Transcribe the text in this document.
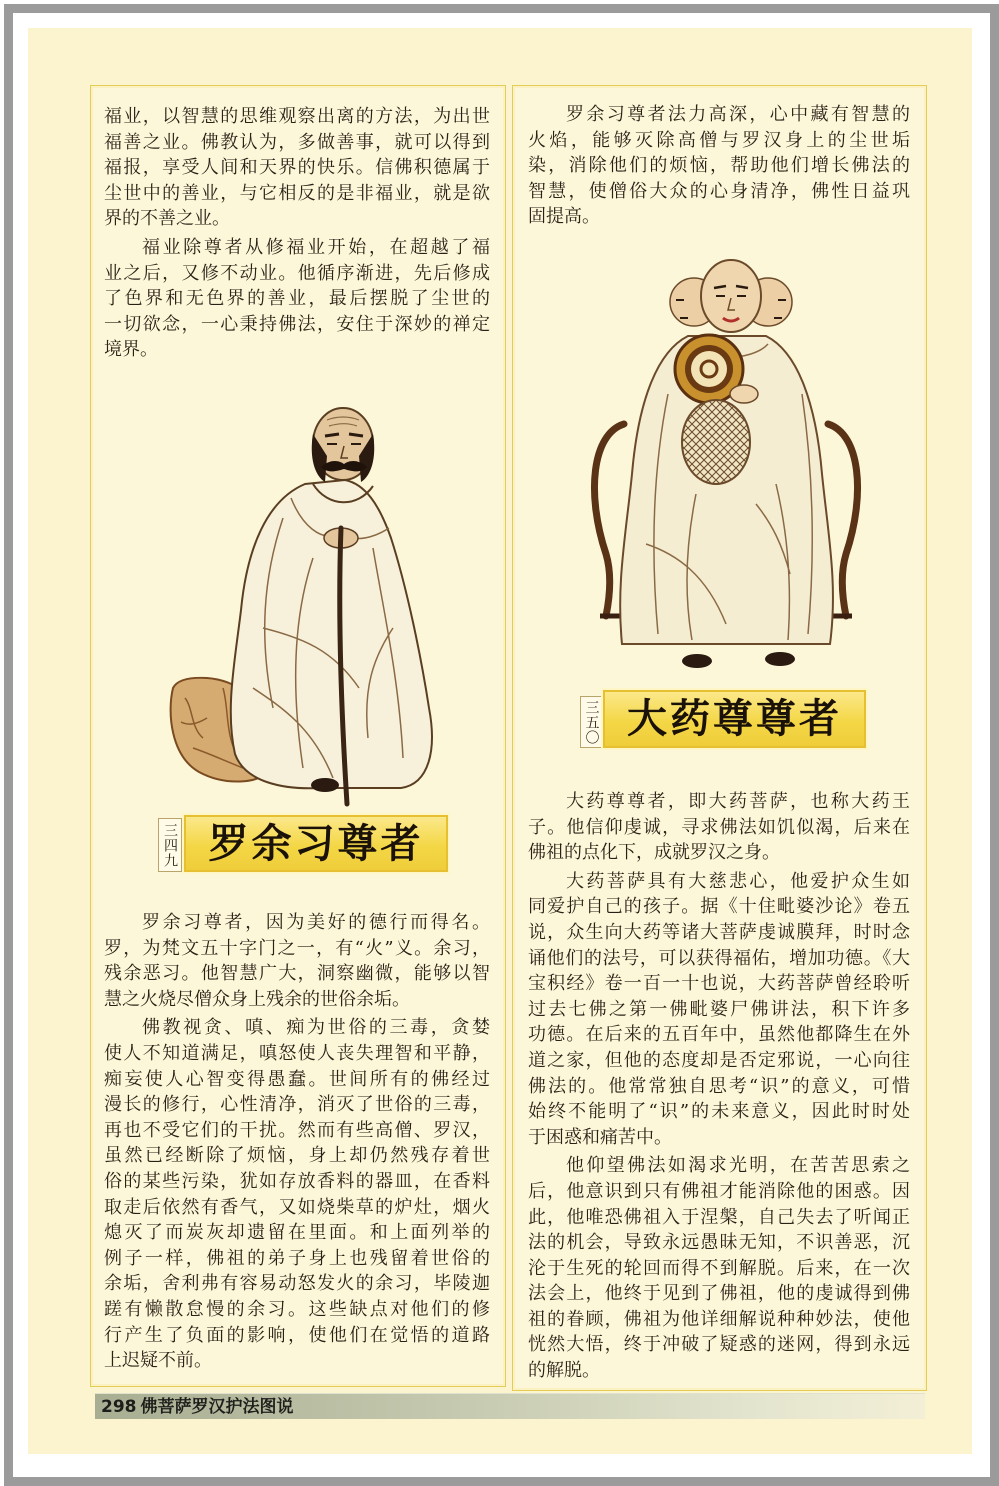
福业，以智慧的思维观察出离的方法，为出世
福善之业。佛教认为，多做善事，就可以得到
福报，享受人间和天界的快乐。信佛积德属于
尘世中的善业，与它相反的是非福业，就是欲
界的不善之业。
福业除尊者从修福业开始，在超越了福
业之后，又修不动业。他循序渐进，先后修成
了色界和无色界的善业，最后摆脱了尘世的
一切欲念，一心秉持佛法，安住于深妙的禅定
境界。
三四九 罗余习尊者
罗余习尊者，因为美好的德行而得名。
罗，为梵文五十字门之一，有“火”义。余习，
残余恶习。他智慧广大，洞察幽微，能够以智
慧之火烧尽僧众身上残余的世俗余垢。
佛教视贪、嗔、痴为世俗的三毒，贪婪
使人不知道满足，嗔怒使人丧失理智和平静，
痴妄使人心智变得愚蠢。世间所有的佛经过
漫长的修行，心性清净，消灭了世俗的三毒，
再也不受它们的干扰。然而有些高僧、罗汉，
虽然已经断除了烦恼，身上却仍然残存着世
俗的某些污染，犹如存放香料的器皿，在香料
取走后依然有香气，又如烧柴草的炉灶，烟火
熄灭了而炭灰却遗留在里面。和上面列举的
例子一样，佛祖的弟子身上也残留着世俗的
余垢，舍利弗有容易动怒发火的余习，毕陵迦
蹉有懒散怠慢的余习。这些缺点对他们的修
行产生了负面的影响，使他们在觉悟的道路
上迟疑不前。
罗余习尊者法力高深，心中藏有智慧的
火焰，能够灭除高僧与罗汉身上的尘世垢
染，消除他们的烦恼，帮助他们增长佛法的
智慧，使僧俗大众的心身清净，佛性日益巩
固提高。
三五〇 大药尊尊者
大药尊尊者，即大药菩萨，也称大药王
子。他信仰虔诚，寻求佛法如饥似渴，后来在
佛祖的点化下，成就罗汉之身。
大药菩萨具有大慈悲心，他爱护众生如
同爱护自己的孩子。据《十住毗婆沙论》卷五
说，众生向大药等诸大菩萨虔诚膜拜，时时念
诵他们的法号，可以获得福佑，增加功德。《大
宝积经》卷一百一十也说，大药菩萨曾经聆听
过去七佛之第一佛毗婆尸佛讲法，积下许多
功德。在后来的五百年中，虽然他都降生在外
道之家，但他的态度却是否定邪说，一心向往
佛法的。他常常独自思考“识”的意义，可惜
始终不能明了“识”的未来意义，因此时时处
于困惑和痛苦中。
他仰望佛法如渴求光明，在苦苦思索之
后，他意识到只有佛祖才能消除他的困惑。因
此，他唯恐佛祖入于涅槃，自己失去了听闻正
法的机会，导致永远愚昧无知，不识善恶，沉
沦于生死的轮回而得不到解脱。后来，在一次
法会上，他终于见到了佛祖，他的虔诚得到佛
祖的眷顾，佛祖为他详细解说种种妙法，使他
恍然大悟，终于冲破了疑惑的迷网，得到永远
的解脱。
298 佛菩萨罗汉护法图说
